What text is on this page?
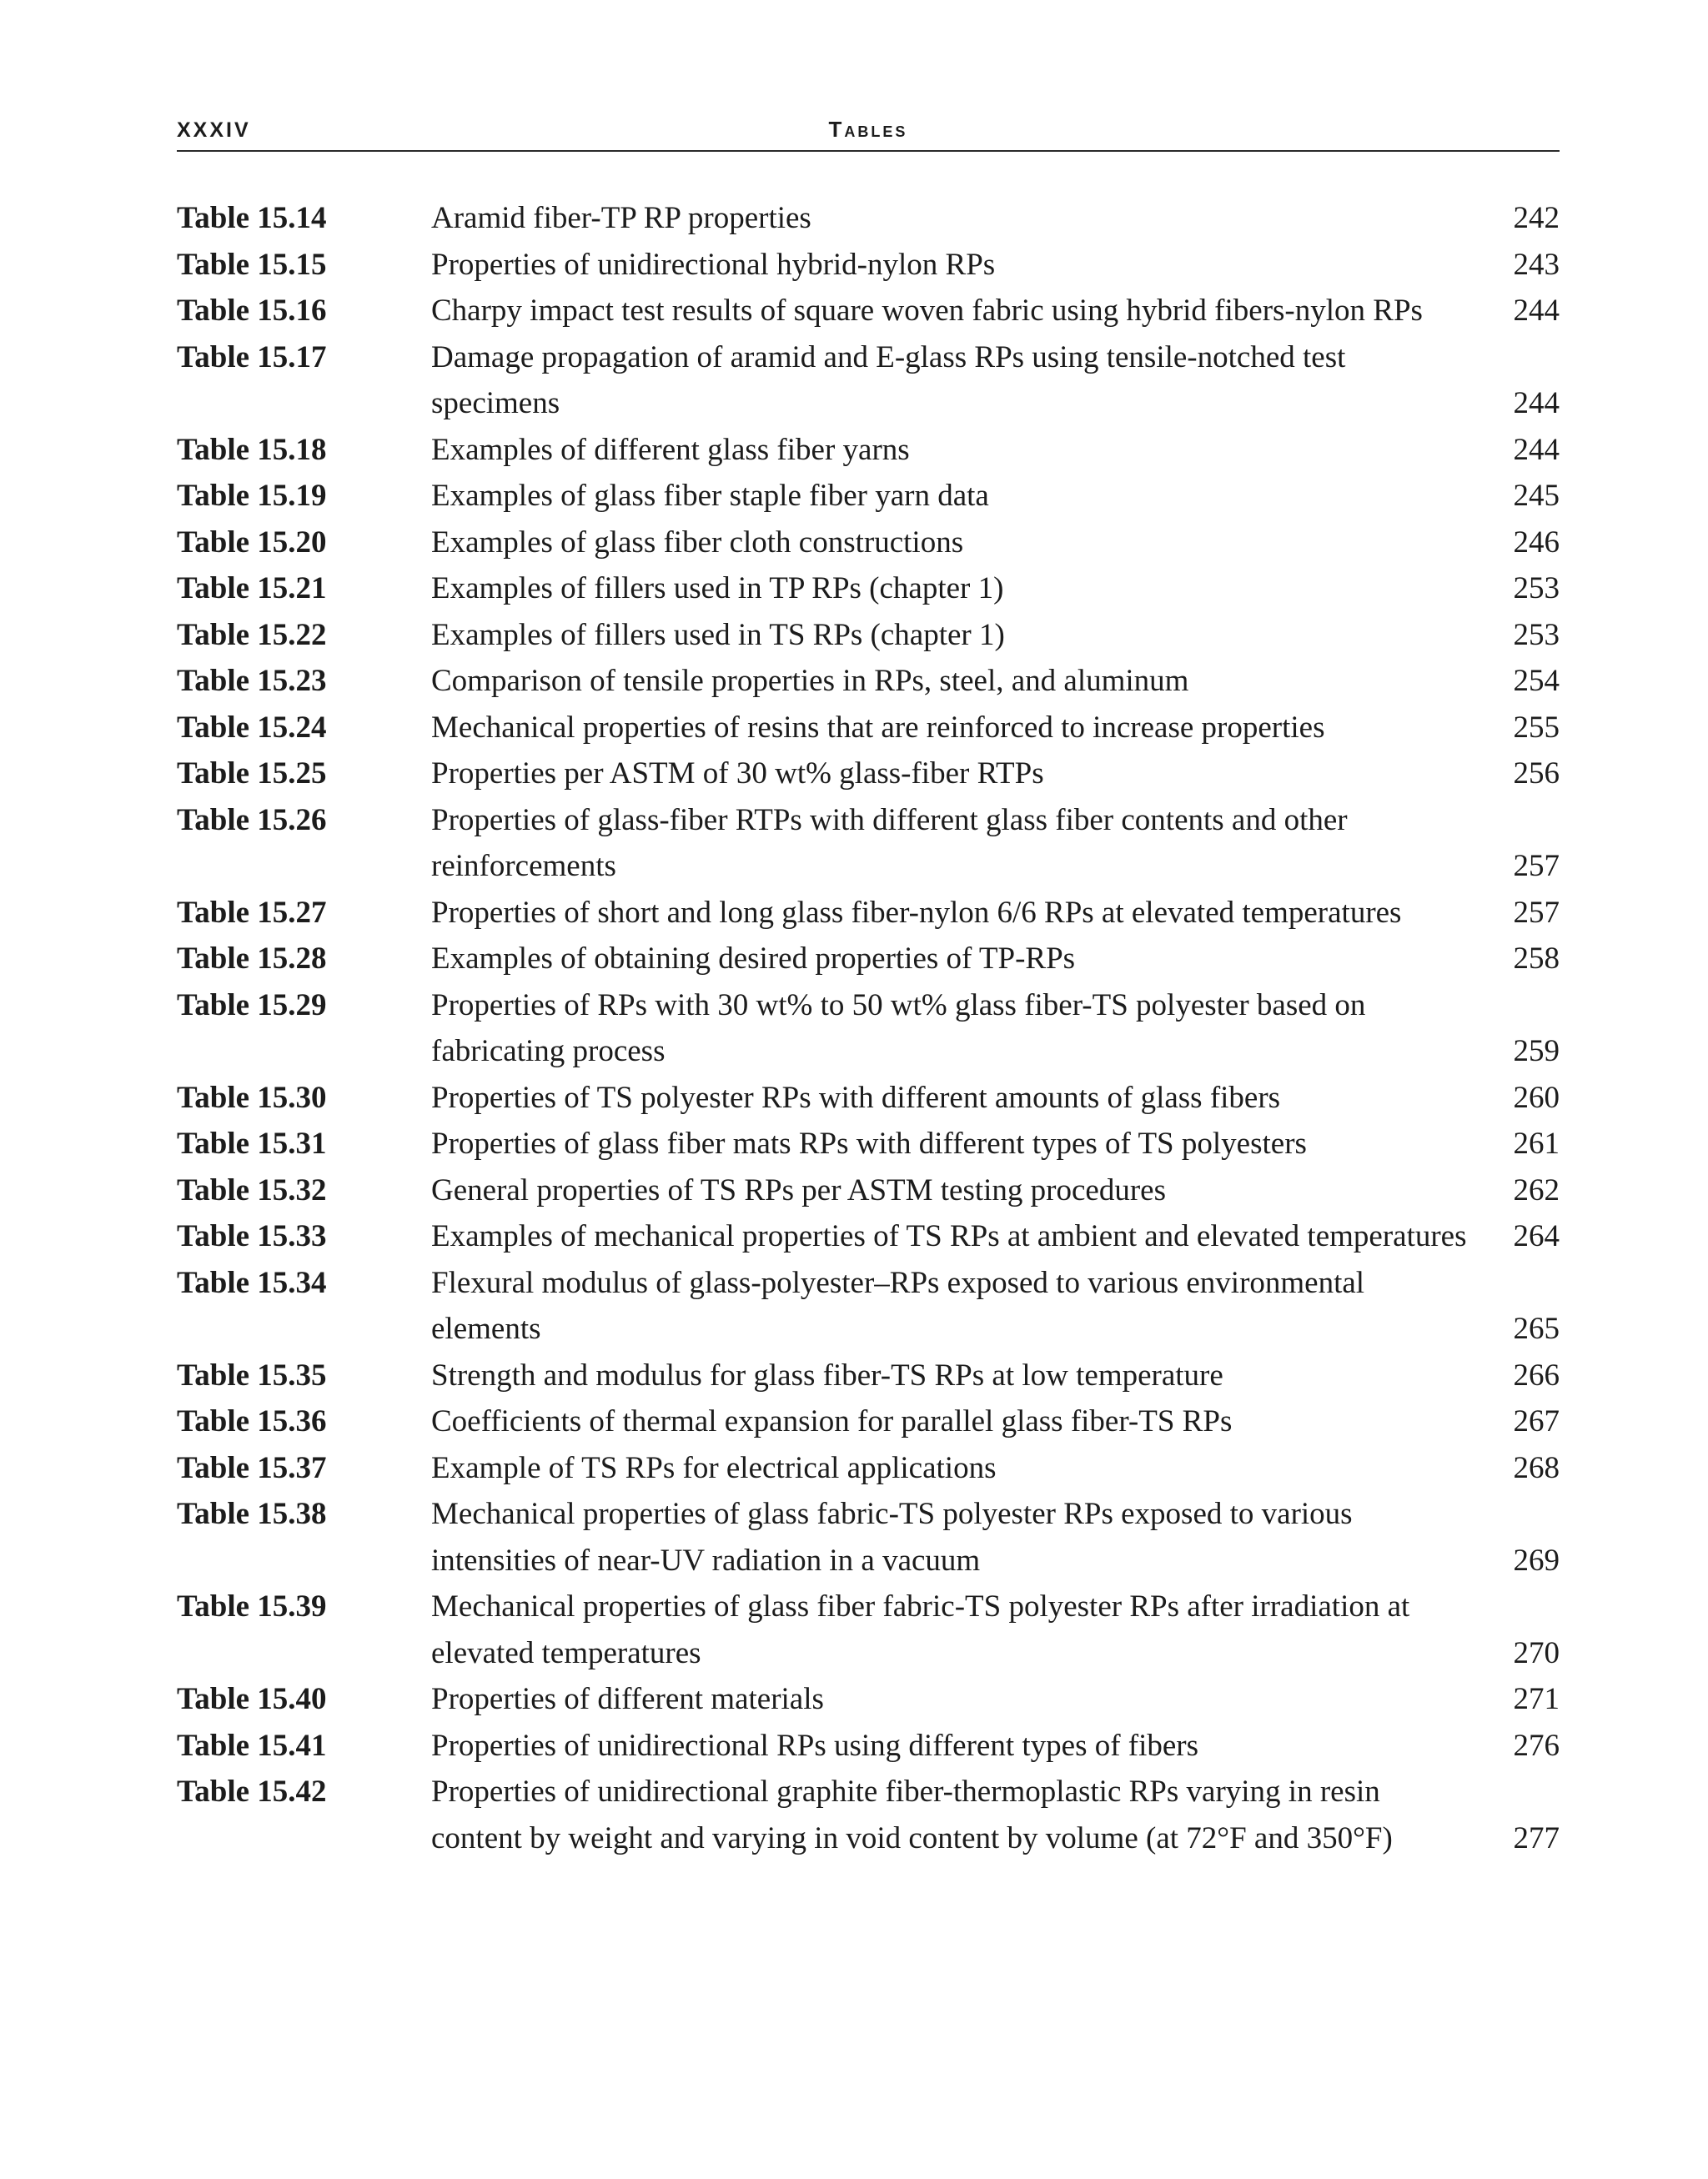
XXXIV	Tables
Table 15.14	Aramid fiber-TP RP properties	242
Table 15.15	Properties of unidirectional hybrid-nylon RPs	243
Table 15.16	Charpy impact test results of square woven fabric using hybrid fibers-nylon RPs	244
Table 15.17	Damage propagation of aramid and E-glass RPs using tensile-notched test specimens	244
Table 15.18	Examples of different glass fiber yarns	244
Table 15.19	Examples of glass fiber staple fiber yarn data	245
Table 15.20	Examples of glass fiber cloth constructions	246
Table 15.21	Examples of fillers used in TP RPs (chapter 1)	253
Table 15.22	Examples of fillers used in TS RPs (chapter 1)	253
Table 15.23	Comparison of tensile properties in RPs, steel, and aluminum	254
Table 15.24	Mechanical properties of resins that are reinforced to increase properties	255
Table 15.25	Properties per ASTM of 30 wt% glass-fiber RTPs	256
Table 15.26	Properties of glass-fiber RTPs with different glass fiber contents and other reinforcements	257
Table 15.27	Properties of short and long glass fiber-nylon 6/6 RPs at elevated temperatures	257
Table 15.28	Examples of obtaining desired properties of TP-RPs	258
Table 15.29	Properties of RPs with 30 wt% to 50 wt% glass fiber-TS polyester based on fabricating process	259
Table 15.30	Properties of TS polyester RPs with different amounts of glass fibers	260
Table 15.31	Properties of glass fiber mats RPs with different types of TS polyesters	261
Table 15.32	General properties of TS RPs per ASTM testing procedures	262
Table 15.33	Examples of mechanical properties of TS RPs at ambient and elevated temperatures 264
Table 15.34	Flexural modulus of glass-polyester–RPs exposed to various environmental elements	265
Table 15.35	Strength and modulus for glass fiber-TS RPs at low temperature	266
Table 15.36	Coefficients of thermal expansion for parallel glass fiber-TS RPs	267
Table 15.37	Example of TS RPs for electrical applications	268
Table 15.38	Mechanical properties of glass fabric-TS polyester RPs exposed to various intensities of near-UV radiation in a vacuum	269
Table 15.39	Mechanical properties of glass fiber fabric-TS polyester RPs after irradiation at elevated temperatures	270
Table 15.40	Properties of different materials	271
Table 15.41	Properties of unidirectional RPs using different types of fibers	276
Table 15.42	Properties of unidirectional graphite fiber-thermoplastic RPs varying in resin content by weight and varying in void content by volume (at 72°F and 350°F)	277
